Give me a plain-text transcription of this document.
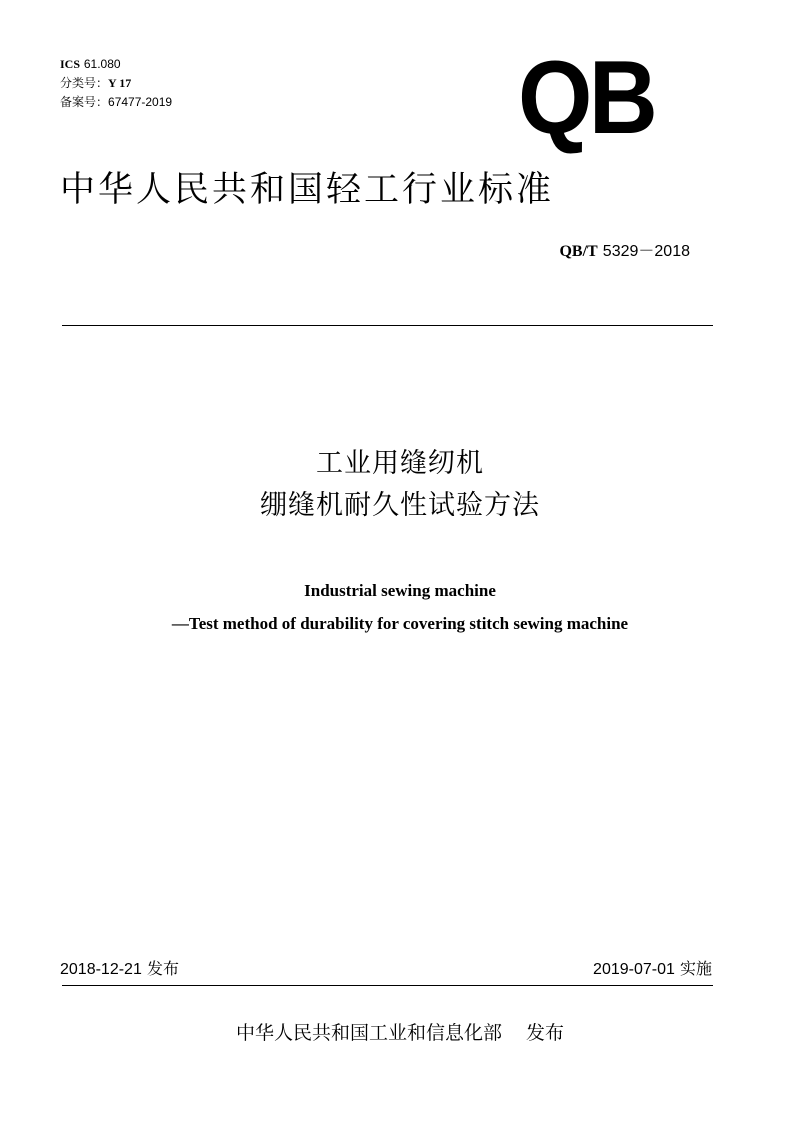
ICS 61.080
分类号：Y 17
备案号：67477-2019	QB
中华人民共和国轻工行业标准
QB/T 5329－2018
工业用缝纫机
绷缝机耐久性试验方法
Industrial sewing machine
—Test method of durability for covering stitch sewing machine
2018-12-21 发布	2019-07-01 实施
中华人民共和国工业和信息化部 发布
